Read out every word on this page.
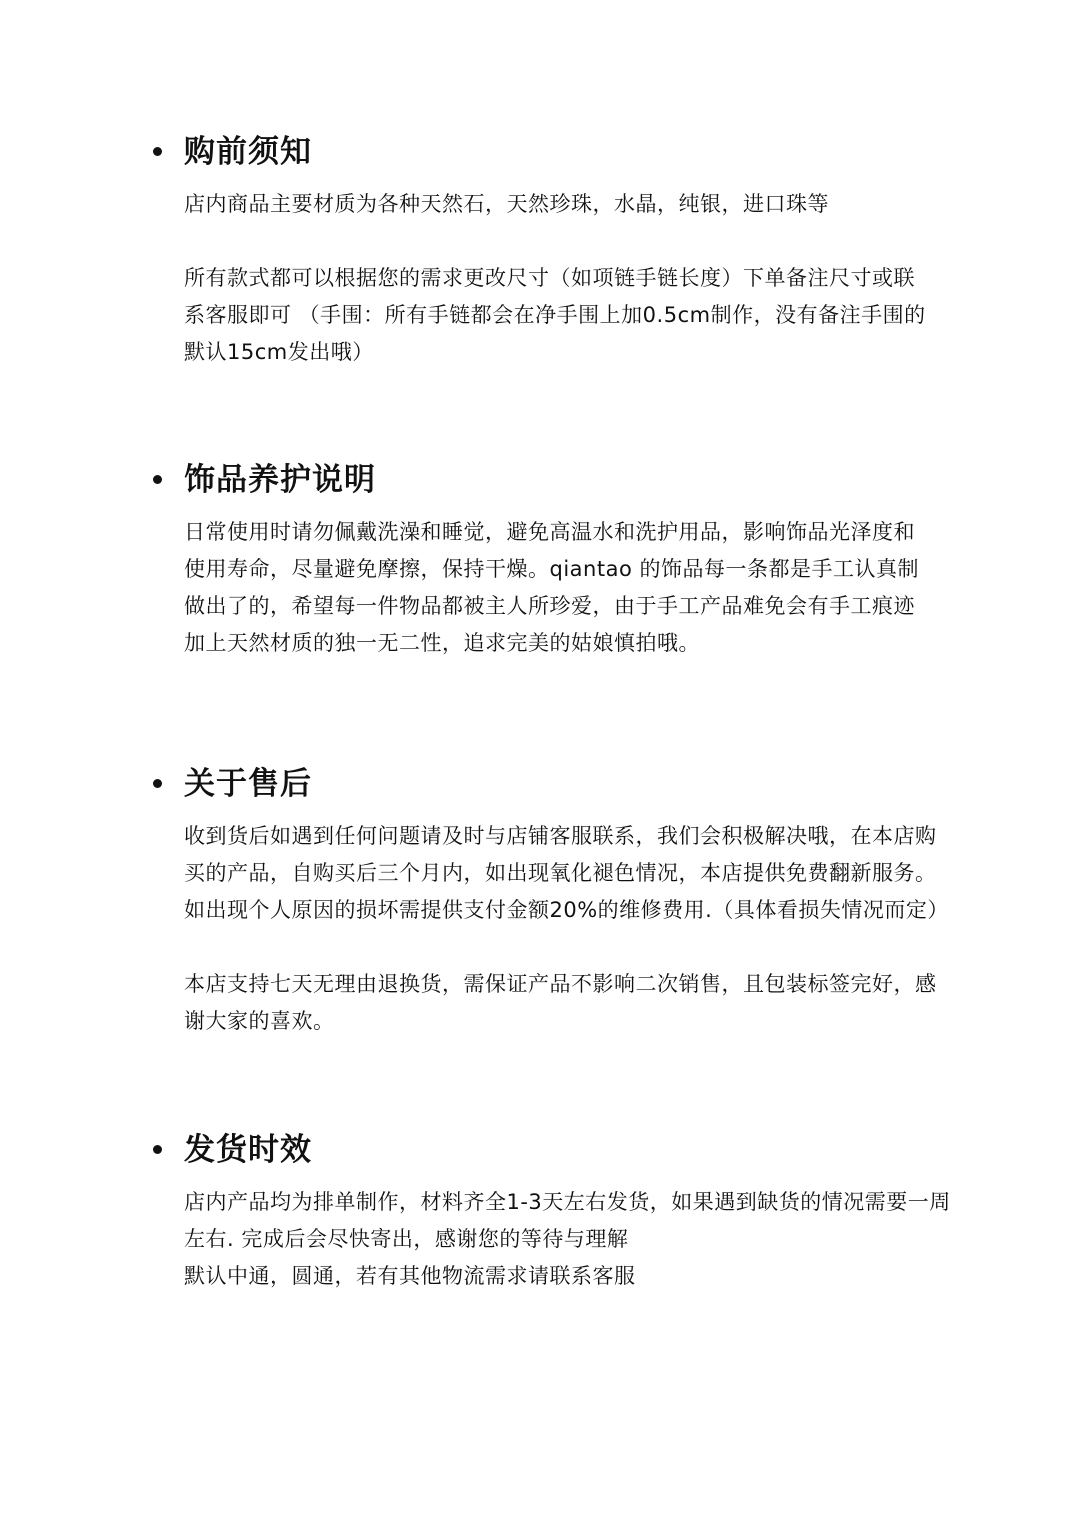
购前须知

店内商品主要材质为各种天然石，天然珍珠，水晶，纯银，进口珠等

所有款式都可以根据您的需求更改尺寸（如项链手链长度）下单备注尺寸或联
系客服即可 （手围：所有手链都会在净手围上加0.5cm制作，没有备注手围的
默认15cm发出哦）

饰品养护说明

日常使用时请勿佩戴洗澡和睡觉，避免高温水和洗护用品，影响饰品光泽度和
使用寿命，尽量避免摩擦，保持干燥。qiantao 的饰品每一条都是手工认真制
做出了的，希望每一件物品都被主人所珍爱，由于手工产品难免会有手工痕迹
加上天然材质的独一无二性，追求完美的姑娘慎拍哦。

关于售后

收到货后如遇到任何问题请及时与店铺客服联系，我们会积极解决哦，在本店购
买的产品，自购买后三个月内，如出现氧化褪色情况，本店提供免费翻新服务。
如出现个人原因的损坏需提供支付金额20%的维修费用.（具体看损失情况而定）

本店支持七天无理由退换货，需保证产品不影响二次销售，且包装标签完好，感
谢大家的喜欢。

发货时效

店内产品均为排单制作，材料齐全1-3天左右发货，如果遇到缺货的情况需要一周
左右. 完成后会尽快寄出，感谢您的等待与理解
默认中通，圆通，若有其他物流需求请联系客服
